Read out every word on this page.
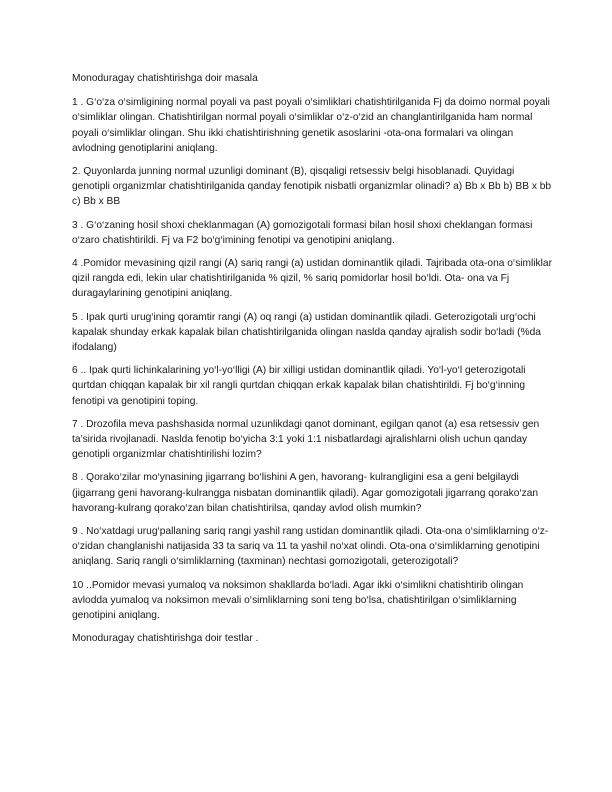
Monoduragay chatishtirishga doir masala

1 . G‘o‘za o‘simligining normal poyali va past poyali o‘simliklari chatishtirilganida Fj da doimo normal poyali o‘simliklar olingan. Chatishtirilgan normal poyali o‘simliklar o‘z-o‘zid an changlantirilganida ham normal poyali o‘simliklar olingan. Shu ikki chatishtirishning genetik asoslarini -ota-ona formalari va olingan avlodning genotiplarini aniqlang.

2. Quyonlarda junning normal uzunligi dominant (B), qisqaligi retsessiv belgi hisoblanadi. Quyidagi genotipli organizmlar chatishtirilganida qanday fenotipik nisbatli organizmlar olinadi? a) Bb x Bb b) BB x bb c) Bb x BB

3 . G‘o‘zaning hosil shoxi cheklanmagan (A) gomozigotali formasi bilan hosil shoxi cheklangan formasi o‘zaro chatishtirildi. Fj va F2 bo‘g‘imining fenotipi va genotipini aniqlang.

4 .Pomidor mevasining qizil rangi (A) sariq rangi (a) ustidan dominantlik qiladi. Tajribada ota-ona o‘simliklar qizil rangda edi, lekin ular chatishtirilganida % qizil, % sariq pomidorlar hosil bo‘ldi. Ota- ona va Fj duragaylarining genotipini aniqlang.

5 . Ipak qurti urug‘ining qoramtir rangi (A) oq rangi (a) ustidan dominantlik qiladi. Geterozigotali urg‘ochi kapalak shunday erkak kapalak bilan chatishtirilganida olingan naslda qanday ajralish sodir bo‘ladi (%da ifodalang)

6 .. Ipak qurti lichinkalarining yo‘l-yo‘lligi (A) bir xilligi ustidan dominantlik qiladi. Yo‘l-yo‘l geterozigotali qurtdan chiqqan kapalak bir xil rangli qurtdan chiqqan erkak kapalak bilan chatishtirildi. Fj bo‘g‘inning fenotipi va genotipini toping.

7 . Drozofila meva pashshasida normal uzunlikdagi qanot dominant, egilgan qanot (a) esa retsessiv gen ta’sirida rivojlanadi. Naslda fenotip bo‘yicha 3:1 yoki 1:1 nisbatlardagi ajralishlarni olish uchun qanday genotipli organizmlar chatishtirilishi lozim?

8 . Qorako‘zilar mo‘ynasining jigarrang bo‘lishini A gen, havorang- kulrangligini esa a geni belgilaydi (jigarrang geni havorang-kulrangga nisbatan dominantlik qiladi). Agar gomozigotali jigarrang qorako‘zan havorang-kulrang qorako‘zan bilan chatishtirilsa, qanday avlod olish mumkin?

9 . No‘xatdagi urug‘pallaning sariq rangi yashil rang ustidan dominantlik qiladi. Ota-ona o‘simliklarning o‘z-o‘zidan changlanishi natijasida 33 ta sariq va 11 ta yashil no‘xat olindi. Ota-ona o‘simliklarning genotipini aniqlang. Sariq rangli o‘simliklarning (taxminan) nechtasi gomozigotali, geterozigotali?

10 ..Pomidor mevasi yumaloq va noksimon shakllarda bo‘ladi. Agar ikki o‘simlikni chatishtirib olingan avlodda yumaloq va noksimon mevali o‘simliklarning soni teng bo‘lsa, chatishtirilgan o‘simliklarning genotipini aniqlang.

Monoduragay chatishtirishga doir testlar .
